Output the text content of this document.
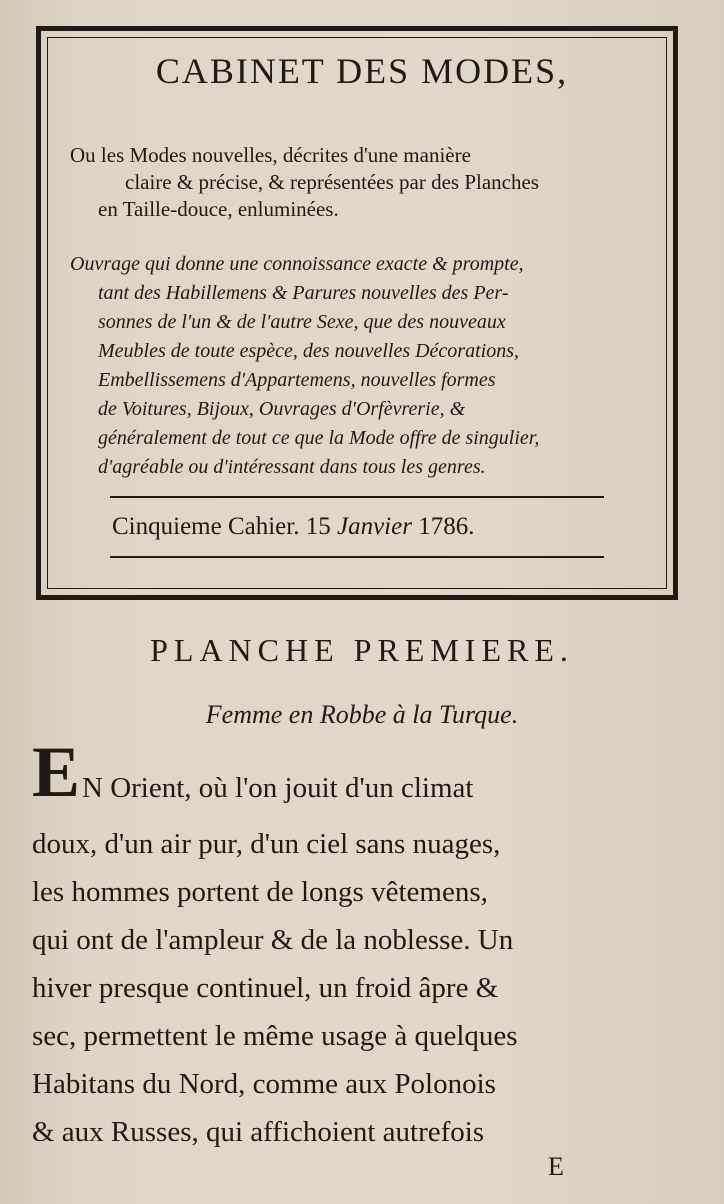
CABINET DES MODES,
Ou les Modes nouvelles, décrites d'une manière
claire & précise, & représentées par des Planches
en Taille-douce, enluminées.
Ouvrage qui donne une connoissance exacte & prompte,
tant des Habillemens & Parures nouvelles des Per-
sonnes de l'un & de l'autre Sexe, que des nouveaux
Meubles de toute espèce, des nouvelles Décorations,
Embellissemens d'Appartemens, nouvelles formes
de Voitures, Bijoux, Ouvrages d'Orfèvrerie, &
généralement de tout ce que la Mode offre de singulier,
d'agréable ou d'intéressant dans tous les genres.
Cinquieme Cahier. 15 Janvier 1786.
PLANCHE PREMIERE.
Femme en Robbe à la Turque.
E N Orient, où l'on jouit d'un climat
doux, d'un air pur, d'un ciel sans nuages,
les hommes portent de longs vêtemens,
qui ont de l'ampleur & de la noblesse. Un
hiver presque continuel, un froid âpre &
sec, permettent le même usage à quelques
Habitans du Nord, comme aux Polonois
& aux Russes, qui affichoient autrefois
E
